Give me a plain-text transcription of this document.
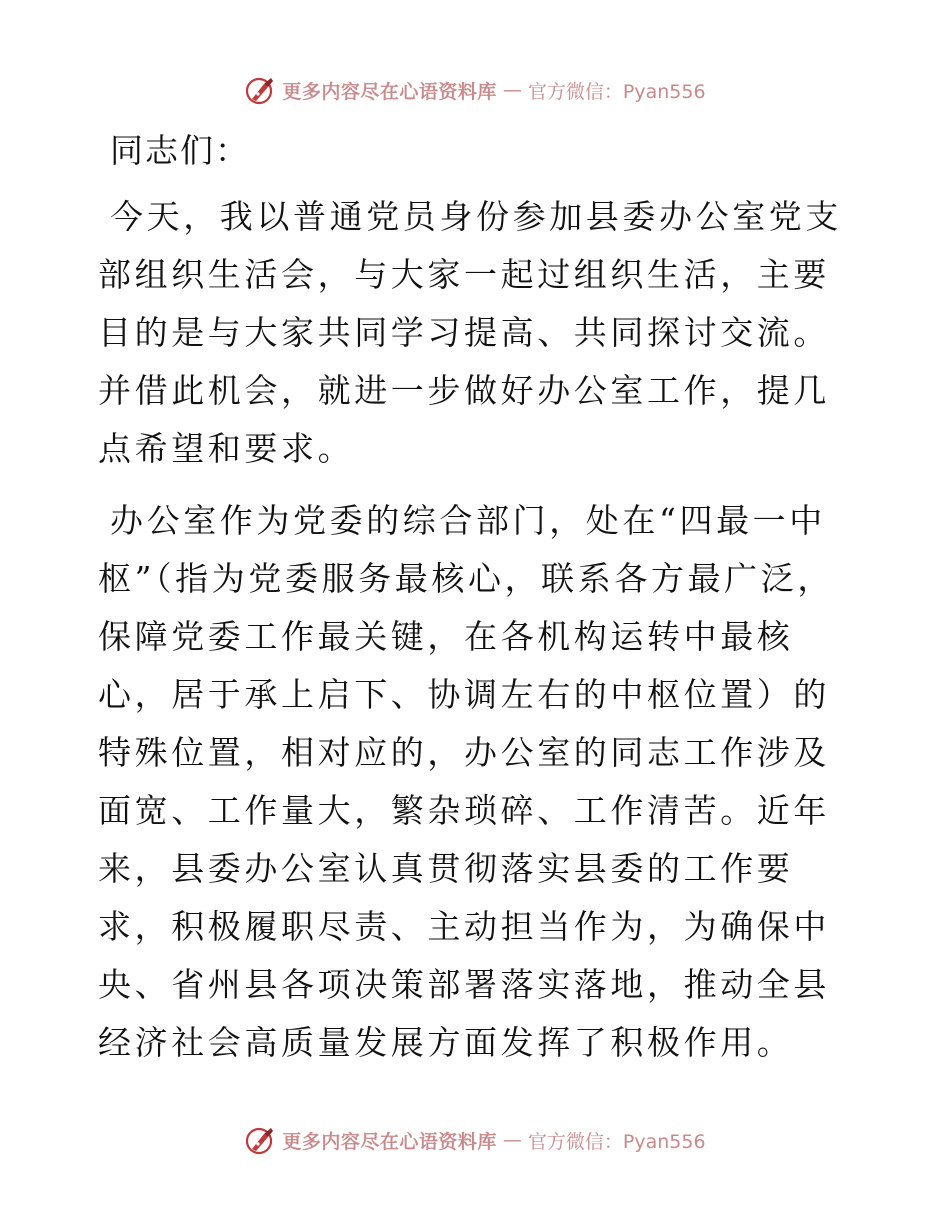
更多内容尽在心语资料库 — 官方微信：Pyan556
同志们：

今天，我以普通党员身份参加县委办公室党支部组织生活会，与大家一起过组织生活，主要目的是与大家共同学习提高、共同探讨交流。并借此机会，就进一步做好办公室工作，提几点希望和要求。

办公室作为党委的综合部门，处在“四最一中枢”（指为党委服务最核心，联系各方最广泛，保障党委工作最关键，在各机构运转中最核心，居于承上启下、协调左右的中枢位置）的特殊位置，相对应的，办公室的同志工作涉及面宽、工作量大，繁杂琐碎、工作清苦。近年来，县委办公室认真贯彻落实县委的工作要求，积极履职尽责、主动担当作为，为确保中央、省州县各项决策部署落实落地，推动全县经济社会高质量发展方面发挥了积极作用。

更多内容尽在心语资料库 — 官方微信：Pyan556
